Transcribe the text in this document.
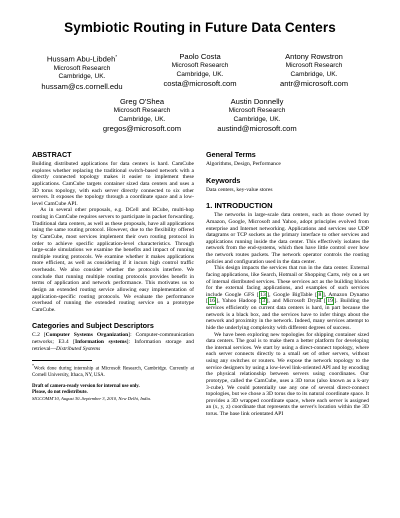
Symbiotic Routing in Future Data Centers
Hussam Abu-Libdeh*
Microsoft Research
Cambridge, UK.
hussam@cs.cornell.edu
Paolo Costa
Microsoft Research
Cambridge, UK.
costa@microsoft.com
Antony Rowstron
Microsoft Research
Cambridge, UK.
antr@microsoft.com
Greg O'Shea
Microsoft Research
Cambridge, UK.
gregos@microsoft.com
Austin Donnelly
Microsoft Research
Cambridge, UK.
austind@microsoft.com
ABSTRACT

Building distributed applications for data centers is hard. CamCube explores whether replacing the traditional switch-based network with a directly connected topology makes it easier to implement these applications. CamCube targets container sized data centers and uses a 3D torus topology, with each server directly connected to six other servers. It exposes the topology through a coordinate space and a low-level CamCube API.

As in several other proposals, e.g. DCell and BCube, multi-hop routing in CamCube requires servers to participate in packet forwarding. Traditional data centers, as well as these proposals, have all applications using the same routing protocol. However, due to the flexibility offered by CamCube, most services implement their own routing protocol in order to achieve specific application-level characteristics. Through large-scale simulations we examine the benefits and impact of running multiple routing protocols. We examine whether it makes applications more efficient, as well as considering if it incurs high control traffic overheads. We also consider whether the protocols interfere. We conclude that running multiple routing protocols provides benefit in terms of application and network performance. This motivates us to design an extended routing service allowing easy implementation of application-specific routing protocols. We evaluate the performance overhead of running the extended routing service on a prototype CamCube.

Categories and Subject Descriptors

C.2 [Computer Systems Organization]: Computer-communication networks; E3.4 [Information systems]: Information storage and retrieval—Distributed Systems

*Work done during internship at Microsoft Research, Cambridge. Currently at Cornell University, Ithaca, NY, USA.

Draft of camera-ready version for internal use only.

Please, do not redistribute.

SIGCOMM'10, August 30–September 3, 2010, New Delhi, India.

General Terms

Algorithms, Design, Performance

Keywords

Data centers, key-value stores

1. INTRODUCTION

The networks in large-scale data centers, such as those owned by Amazon, Google, Microsoft and Yahoo, adopt principles evolved from enterprise and Internet networking. Applications and services use UDP datagrams or TCP sockets as the primary interface to other services and applications running inside the data center. This effectively isolates the network from the end-systems, which then have little control over how the network routes packets. The network operator controls the routing policies and configuration used in the data center.

This design impacts the services that run in the data center. External facing applications, like Search, Hotmail or Shopping Carts, rely on a set of internal distributed services. These services act as the building blocks for the external facing applications, and examples of such services include Google GFS [ 13 ], Google BigTable [ 8 ], Amazon Dynamo [ 16 ], Yahoo Hadoop [ 3 ], and Microsoft Dryad [ 19 ]. Building the services efficiently on current data centers is hard, in part because the network is a black box, and the services have to infer things about the network and proximity in the network. Indeed, many services attempt to hide the underlying complexity with different degrees of success.

We have been exploring new topologies for shipping container sized data centers. The goal is to make them a better platform for developing the internal services. We start by using a direct-connect topology, where each server connects directly to a small set of other servers, without using any switches or routers. We expose the network topology to the service designers by using a low-level link-oriented API and by encoding the physical relationship between servers using coordinates. Our prototype, called the CamCube, uses a 3D torus (also known as a k-ary 3-cube). We could potentially use any one of several direct-connect topologies, but we chose a 3D torus due to its natural coordinate space. It provides a 3D wrapped coordinate space, where each server is assigned an (x, y, z) coordinate that represents the server's location within the 3D torus. The base link orientated API
